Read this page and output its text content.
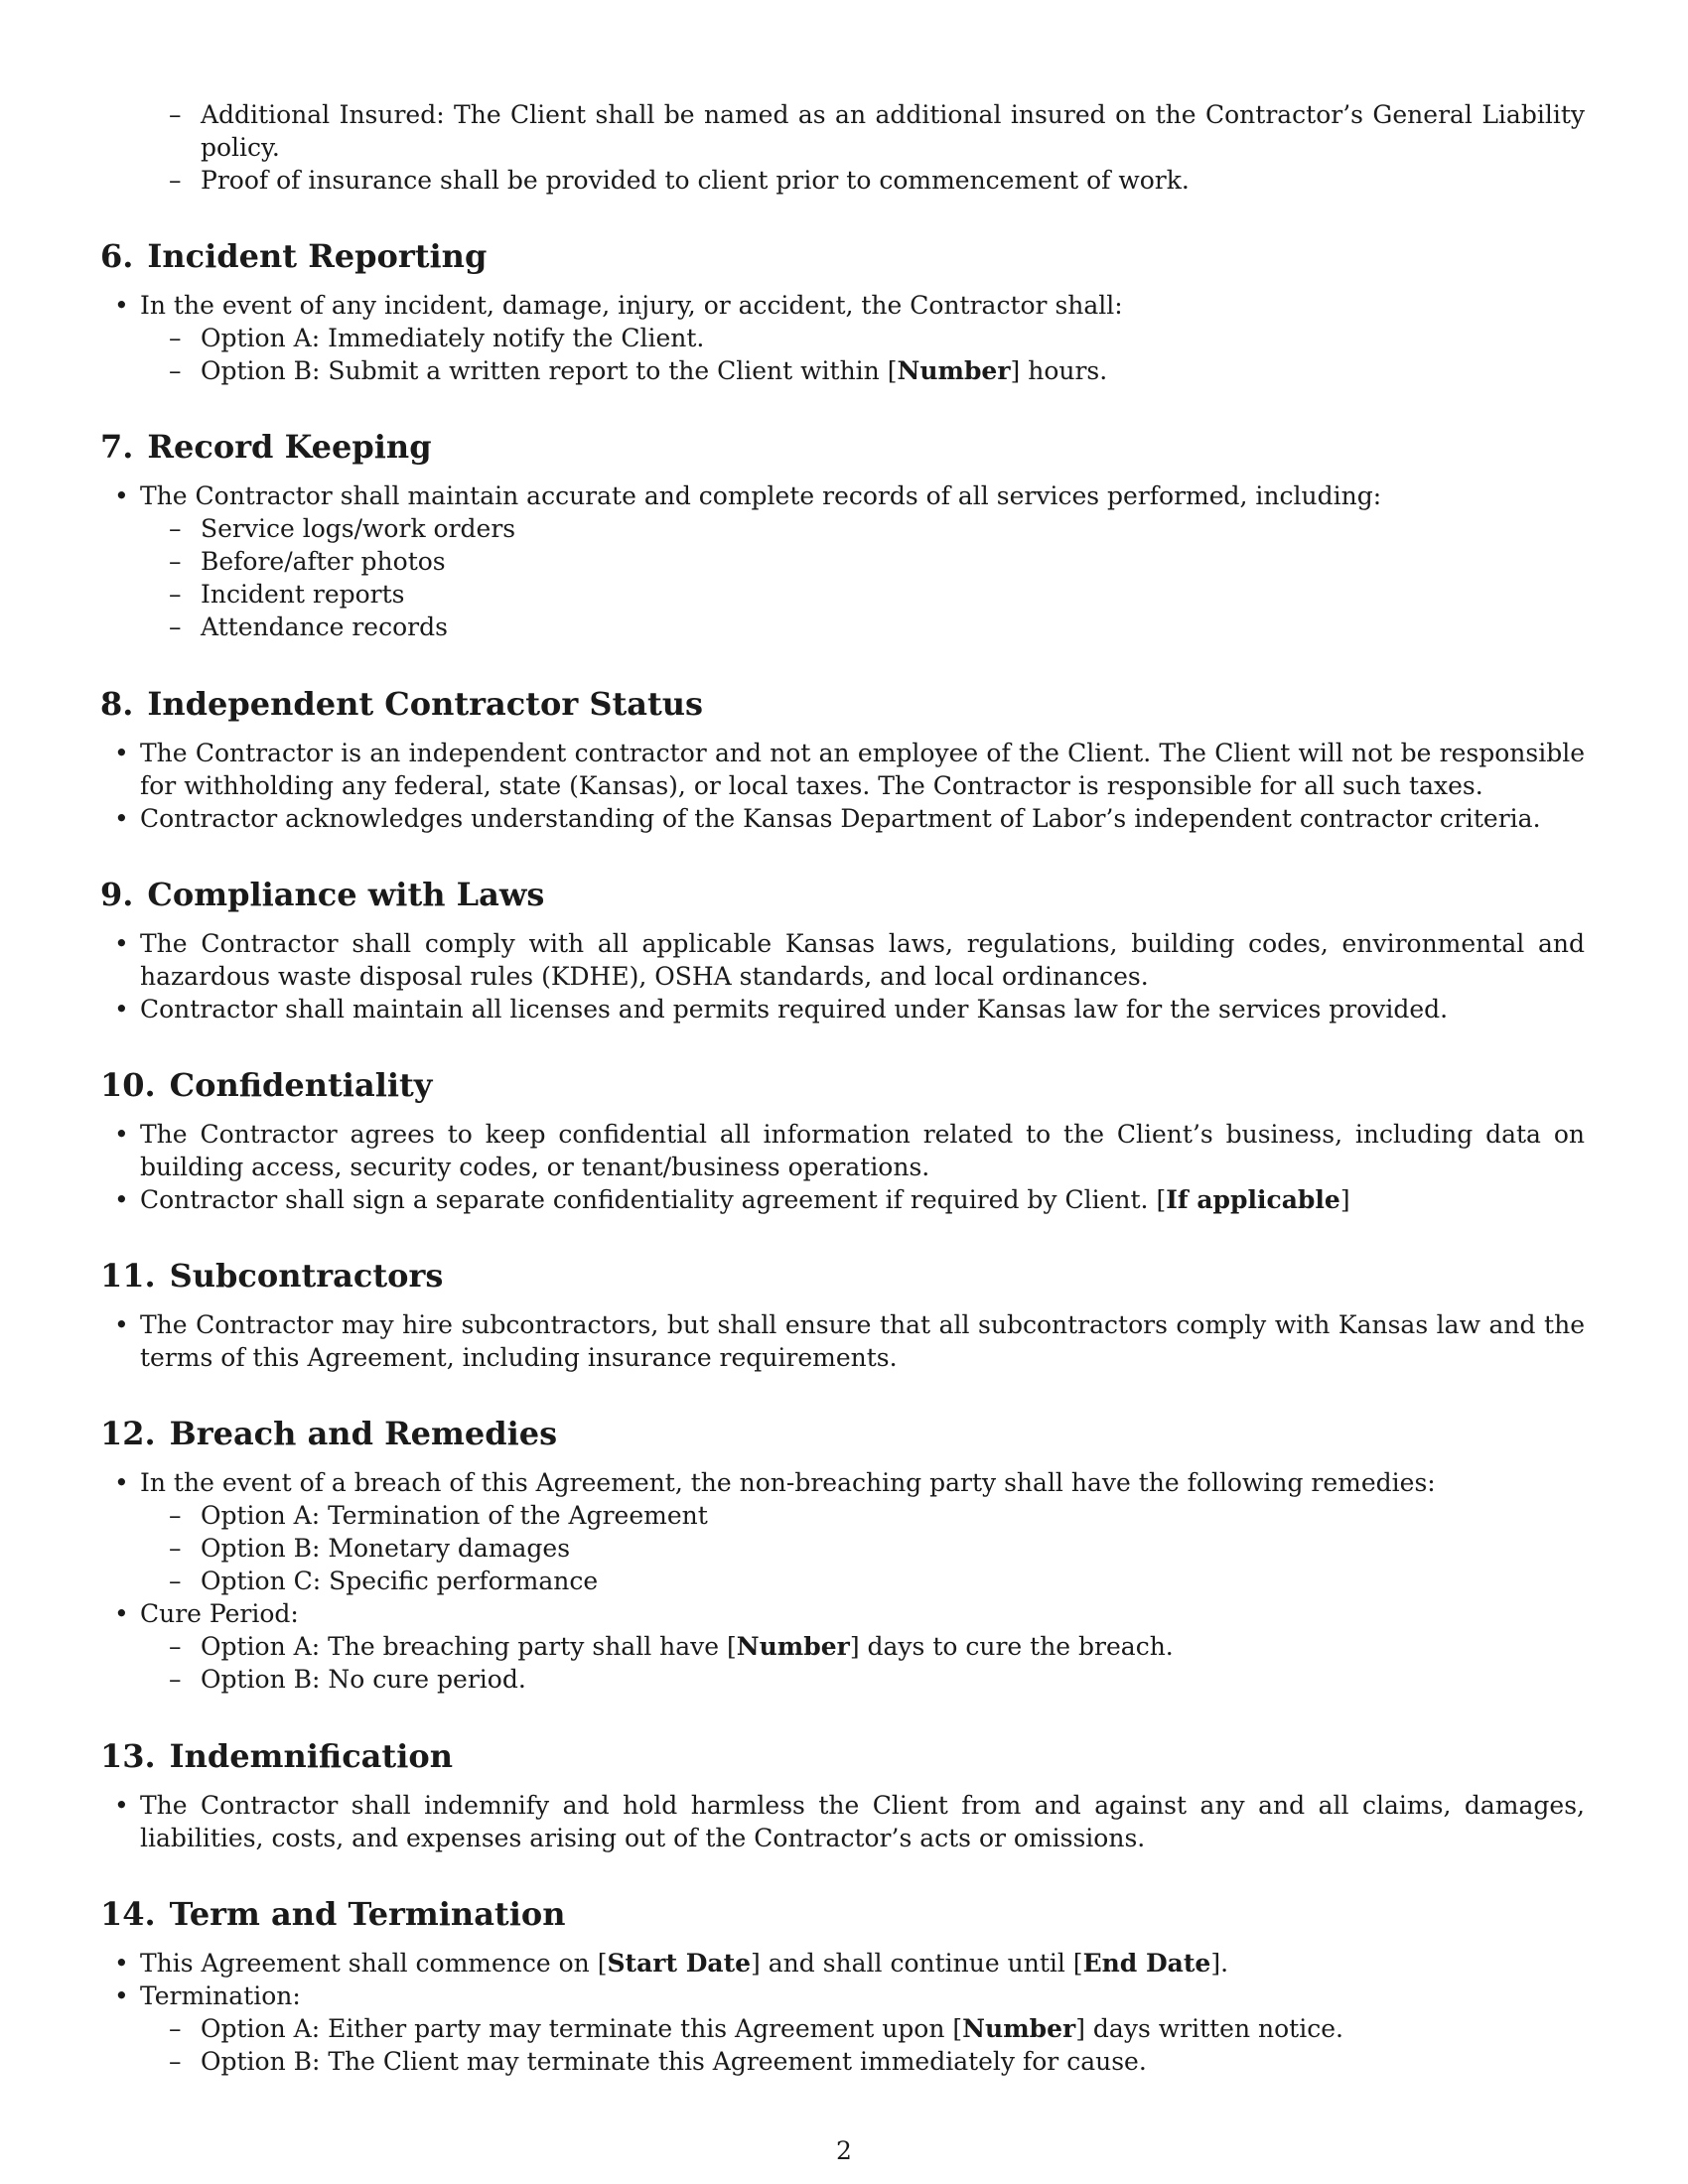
– Additional Insured: The Client shall be named as an additional insured on the Contractor’s General Liability policy.

– Proof of insurance shall be provided to client prior to commencement of work.

6. Incident Reporting

• In the event of any incident, damage, injury, or accident, the Contractor shall:

– Option A: Immediately notify the Client.

– Option B: Submit a written report to the Client within [Number] hours.

7. Record Keeping

• The Contractor shall maintain accurate and complete records of all services performed, including:

– Service logs/work orders

– Before/after photos

– Incident reports

– Attendance records

8. Independent Contractor Status

• The Contractor is an independent contractor and not an employee of the Client. The Client will not be responsible for withholding any federal, state (Kansas), or local taxes. The Contractor is responsible for all such taxes.

• Contractor acknowledges understanding of the Kansas Department of Labor’s independent contractor criteria.

9. Compliance with Laws

• The Contractor shall comply with all applicable Kansas laws, regulations, building codes, environmental and hazardous waste disposal rules (KDHE), OSHA standards, and local ordinances.

• Contractor shall maintain all licenses and permits required under Kansas law for the services provided.

10. Confidentiality

• The Contractor agrees to keep confidential all information related to the Client’s business, including data on building access, security codes, or tenant/business operations.

• Contractor shall sign a separate confidentiality agreement if required by Client. [If applicable]

11. Subcontractors

• The Contractor may hire subcontractors, but shall ensure that all subcontractors comply with Kansas law and the terms of this Agreement, including insurance requirements.

12. Breach and Remedies

• In the event of a breach of this Agreement, the non-breaching party shall have the following remedies:

– Option A: Termination of the Agreement

– Option B: Monetary damages

– Option C: Specific performance

• Cure Period:

– Option A: The breaching party shall have [Number] days to cure the breach.

– Option B: No cure period.

13. Indemnification

• The Contractor shall indemnify and hold harmless the Client from and against any and all claims, damages, liabilities, costs, and expenses arising out of the Contractor’s acts or omissions.

14. Term and Termination

• This Agreement shall commence on [Start Date] and shall continue until [End Date].

• Termination:

– Option A: Either party may terminate this Agreement upon [Number] days written notice.

– Option B: The Client may terminate this Agreement immediately for cause.

2
